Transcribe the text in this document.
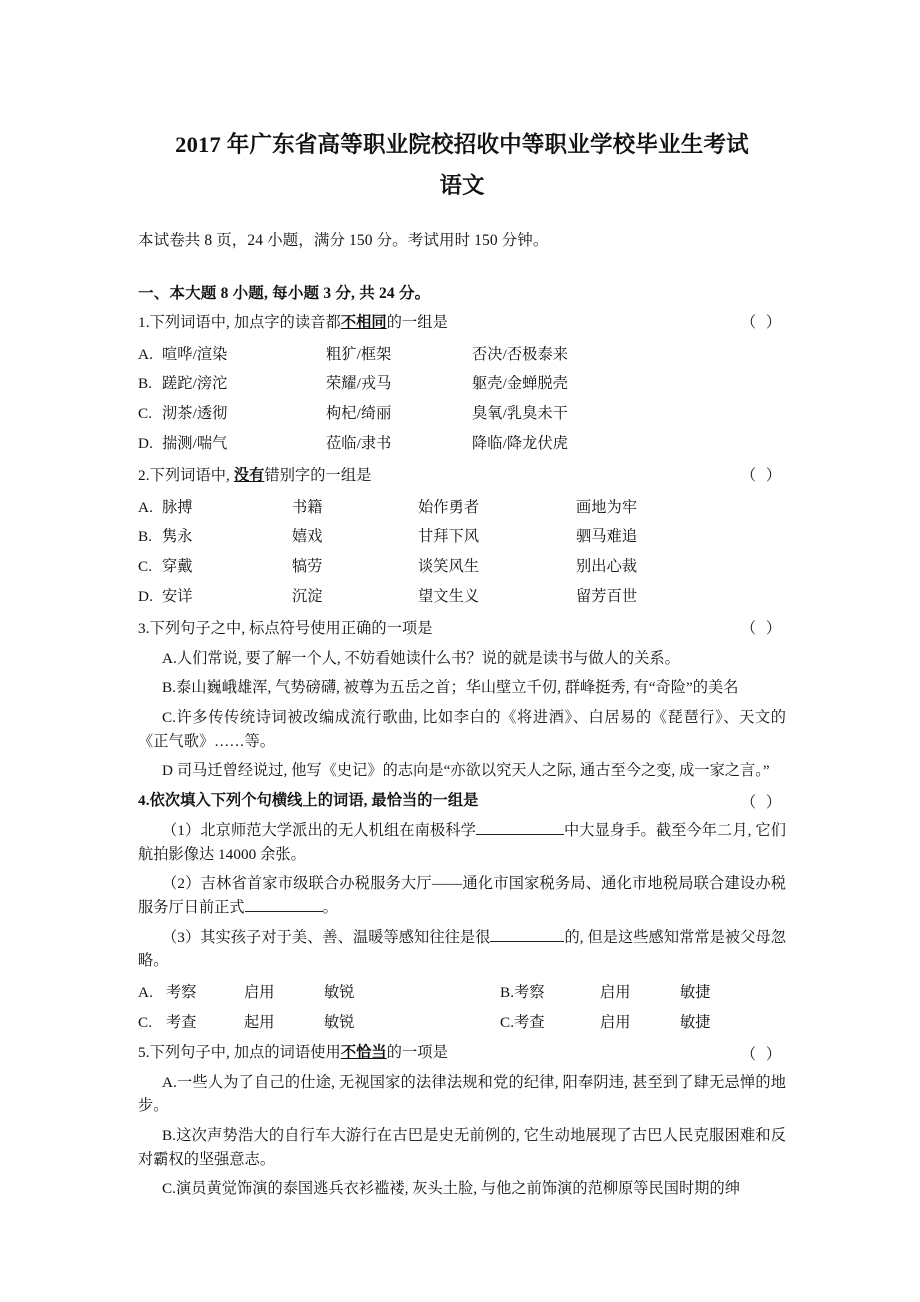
2017 年广东省高等职业院校招收中等职业学校毕业生考试
语文

本试卷共 8 页，24 小题，满分 150 分。考试用时 150 分钟。

一、本大题 8 小题, 每小题 3 分, 共 24 分。

1.下列词语中, 加点字的读音都不相同的一组是	（ ）

A. 喧哗/渲染	粗犷/框架	否决/否极泰来
B. 蹉跎/滂沱	荣耀/戎马	躯壳/金蝉脱壳
C. 沏茶/透彻	枸杞/绮丽	臭氧/乳臭未干
D. 揣测/喘气	莅临/隶书	降临/降龙伏虎

2.下列词语中, 没有错别字的一组是	（ ）

A. 脉搏	书籍	始作勇者	画地为牢
B. 隽永	嬉戏	甘拜下风	驷马难追
C. 穿戴	犒劳	谈笑风生	别出心裁
D. 安详	沉淀	望文生义	留芳百世

3.下列句子之中, 标点符号使用正确的一项是	（ ）

A.人们常说, 要了解一个人, 不妨看她读什么书？说的就是读书与做人的关系。

B.泰山巍峨雄浑, 气势磅礴, 被尊为五岳之首；华山壁立千仞, 群峰挺秀, 有“奇险”的美名

C.许多传传统诗词被改编成流行歌曲, 比如李白的《将进酒》、白居易的《琵琶行》、天文的《正气歌》……等。

D 司马迁曾经说过, 他写《史记》的志向是“亦欲以究天人之际, 通古至今之变, 成一家之言。”

4.依次填入下列个句横线上的词语, 最恰当的一组是	（ ）

（1）北京师范大学派出的无人机组在南极科学	中大显身手。截至今年二月, 它们航拍影像达 14000 余张。

（2）吉林省首家市级联合办税服务大厅——通化市国家税务局、通化市地税局联合建设办税服务厅日前正式	。

（3）其实孩子对于美、善、温暖等感知往往是很	的, 但是这些感知常常是被父母忽略。

A. 考察	启用	敏锐	B.考察	启用	敏捷
C. 考查	起用	敏锐	C.考查	启用	敏捷

5.下列句子中, 加点的词语使用不恰当的一项是	（ ）

A.一些人为了自己的仕途, 无视国家的法律法规和党的纪律, 阳奉阴违, 甚至到了肆无忌惮的地步。

B.这次声势浩大的自行车大游行在古巴是史无前例的, 它生动地展现了古巴人民克服困难和反对霸权的坚强意志。

C.演员黄觉饰演的泰国逃兵衣衫褴褛, 灰头土脸, 与他之前饰演的范柳原等民国时期的绅
